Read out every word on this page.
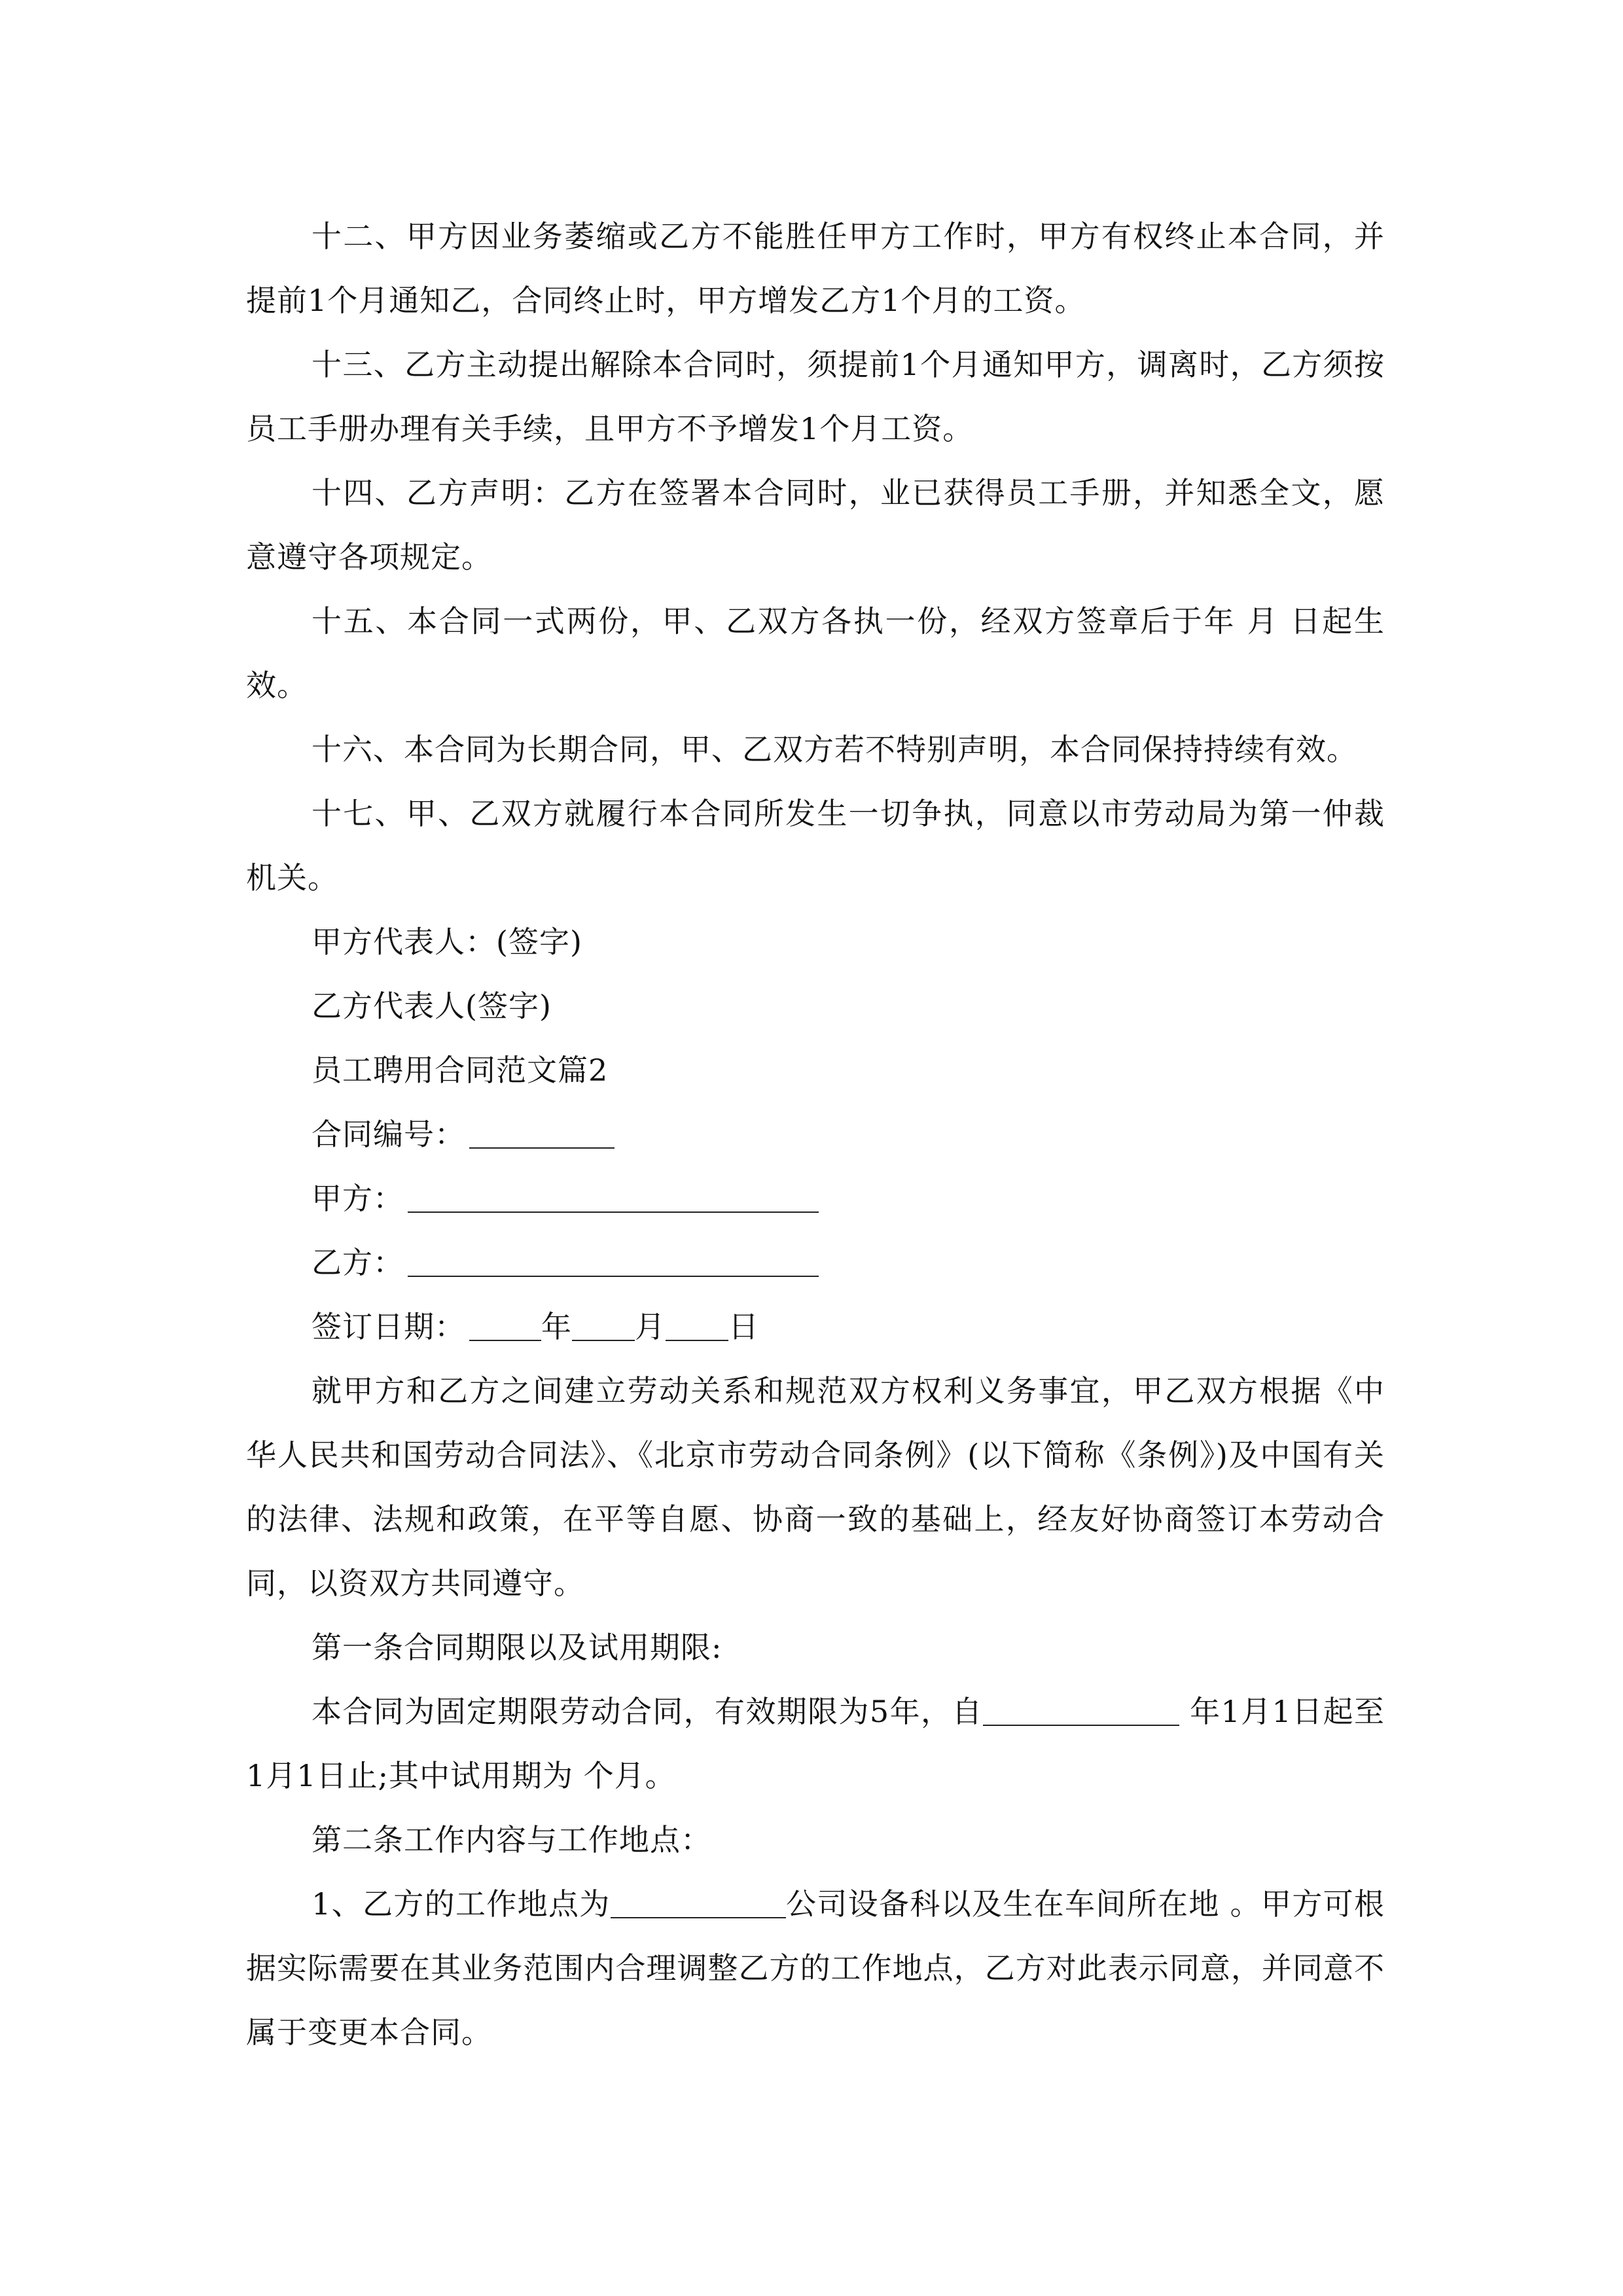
十二、甲方因业务萎缩或乙方不能胜任甲方工作时，甲方有权终止本合同，并提前1个月通知乙，合同终止时，甲方增发乙方1个月的工资。

十三、乙方主动提出解除本合同时，须提前1个月通知甲方，调离时，乙方须按员工手册办理有关手续，且甲方不予增发1个月工资。

十四、乙方声明：乙方在签署本合同时，业已获得员工手册，并知悉全文，愿意遵守各项规定。

十五、本合同一式两份，甲、乙双方各执一份，经双方签章后于年 月 日起生效。

十六、本合同为长期合同，甲、乙双方若不特别声明，本合同保持持续有效。

十七、甲、乙双方就履行本合同所发生一切争执，同意以市劳动局为第一仲裁机关。

甲方代表人：(签字)

乙方代表人(签字)

员工聘用合同范文篇2

合同编号：

甲方：

乙方：

签订日期：	年 月 日

就甲方和乙方之间建立劳动关系和规范双方权利义务事宜，甲乙双方根据《中华人民共和国劳动合同法》、《北京市劳动合同条例》(以下简称《条例》)及中国有关的法律、法规和政策，在平等自愿、协商一致的基础上，经友好协商签订本劳动合同，以资双方共同遵守。

第一条合同期限以及试用期限:

本合同为固定期限劳动合同，有效期限为5年，自	年1月1日起至 1月1日止;其中试用期为 个月。

第二条工作内容与工作地点：

1、乙方的工作地点为	公司设备科以及生在车间所在地 。甲方可根据实际需要在其业务范围内合理调整乙方的工作地点，乙方对此表示同意，并同意不属于变更本合同。
